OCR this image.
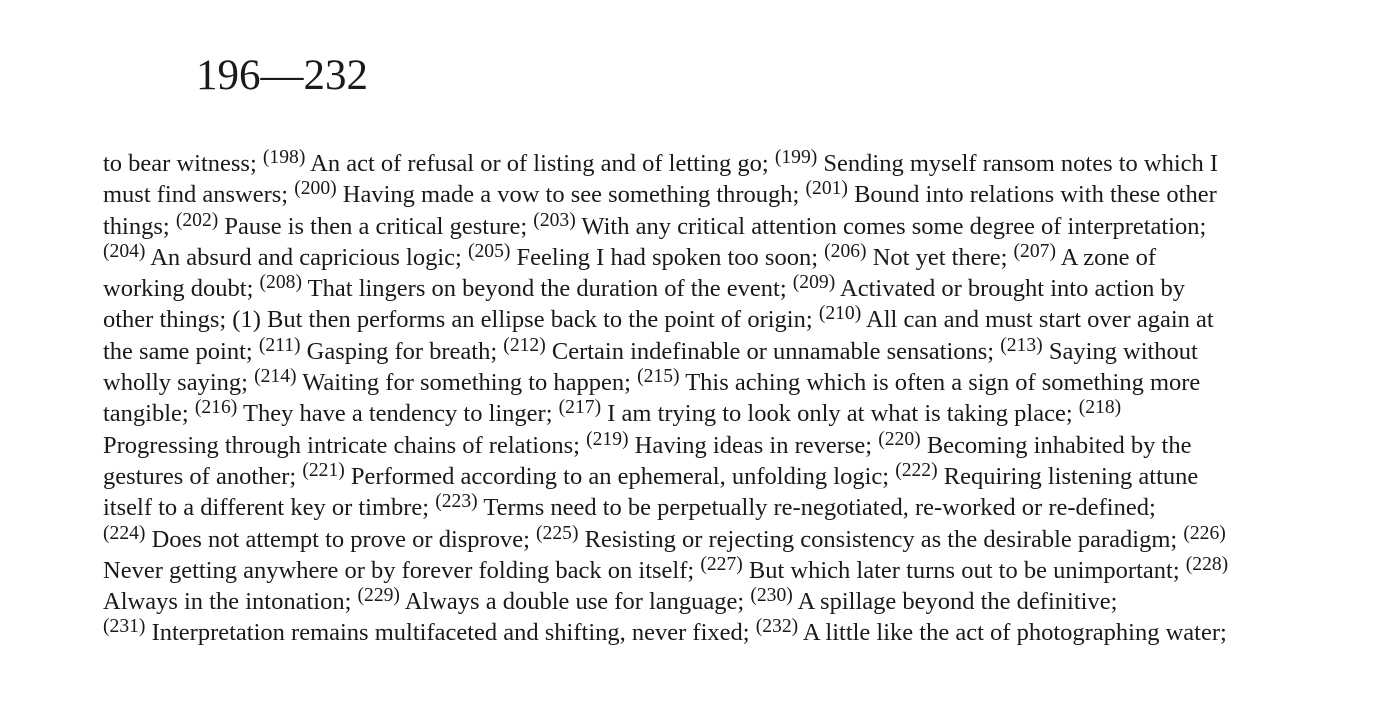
196—232
to bear witness; $^{(198)}$ An act of refusal or of listing and of letting go; $^{(199)}$ Sending myself ransom notes to which I
must find answers; $^{(200)}$ Having made a vow to see something through; $^{(201)}$ Bound into relations with these other
things; $^{(202)}$ Pause is then a critical gesture; $^{(203)}$ With any critical attention comes some degree of interpretation;
$^{(204)}$ An absurd and capricious logic; $^{(205)}$ Feeling I had spoken too soon; $^{(206)}$ Not yet there; $^{(207)}$ A zone of
working doubt; $^{(208)}$ That lingers on beyond the duration of the event; $^{(209)}$ Activated or brought into action by
other things; (1) But then performs an ellipse back to the point of origin; $^{(210)}$ All can and must start over again at
the same point; $^{(211)}$ Gasping for breath; $^{(212)}$ Certain indefinable or unnamable sensations; $^{(213)}$ Saying without
wholly saying; $^{(214)}$ Waiting for something to happen; $^{(215)}$ This aching which is often a sign of something more
tangible; $^{(216)}$ They have a tendency to linger; $^{(217)}$ I am trying to look only at what is taking place; $^{(218)}$
Progressing through intricate chains of relations; $^{(219)}$ Having ideas in reverse; $^{(220)}$ Becoming inhabited by the
gestures of another; $^{(221)}$ Performed according to an ephemeral, unfolding logic; $^{(222)}$ Requiring listening attune
itself to a different key or timbre; $^{(223)}$ Terms need to be perpetually re-negotiated, re-worked or re-defined;
$^{(224)}$ Does not attempt to prove or disprove; $^{(225)}$ Resisting or rejecting consistency as the desirable paradigm; $^{(226)}$
Never getting anywhere or by forever folding back on itself; $^{(227)}$ But which later turns out to be unimportant; $^{(228)}$
Always in the intonation; $^{(229)}$ Always a double use for language; $^{(230)}$ A spillage beyond the definitive;
$^{(231)}$ Interpretation remains multifaceted and shifting, never fixed; $^{(232)}$ A little like the act of photographing water;
